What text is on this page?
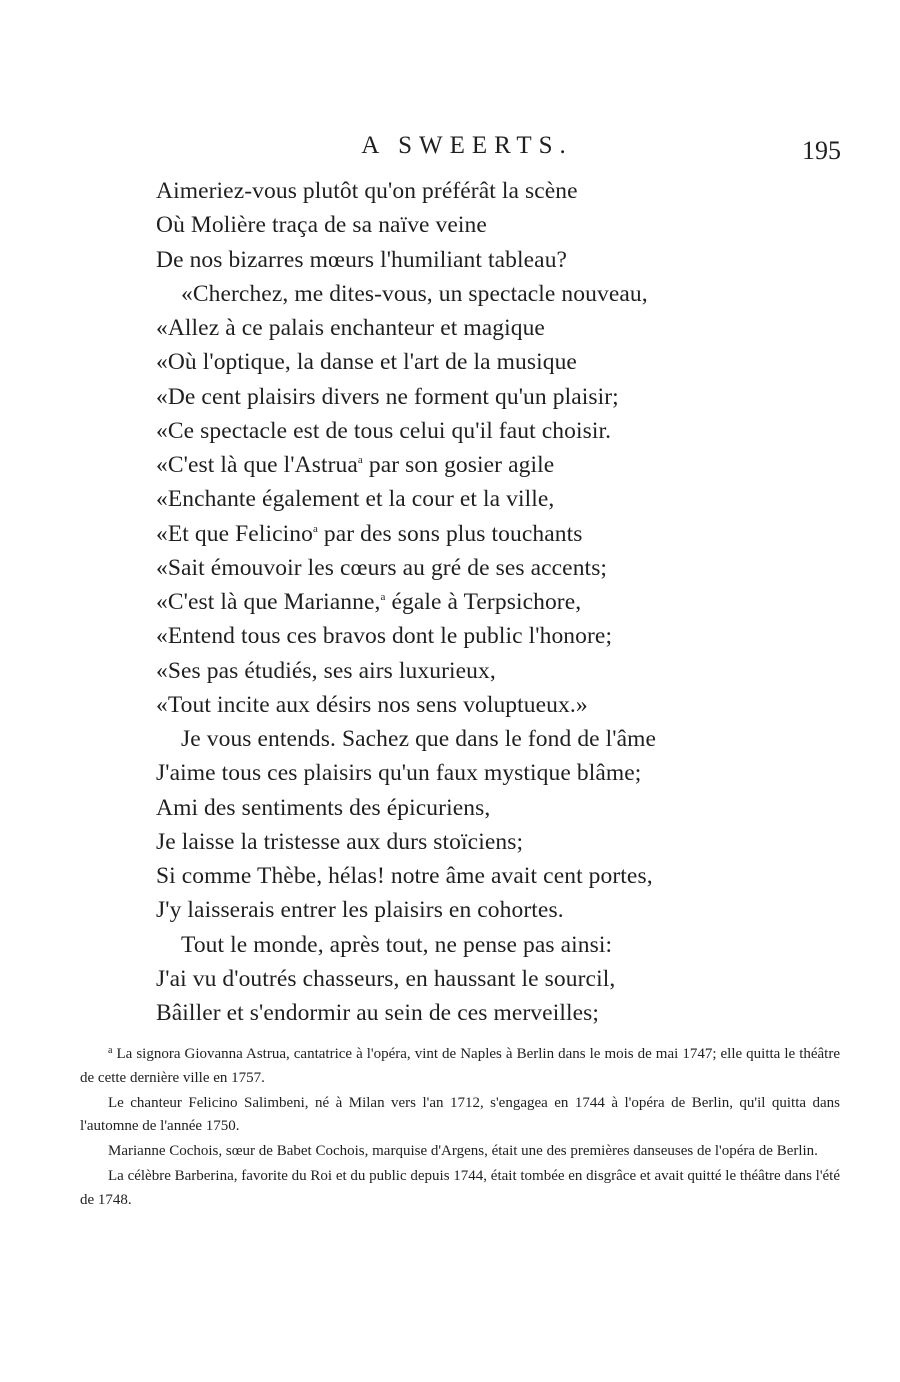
A SWEERTS.	195
Aimeriez-vous plutôt qu'on préférât la scène
Où Molière traça de sa naïve veine
De nos bizarres mœurs l'humiliant tableau?
«Cherchez, me dites-vous, un spectacle nouveau,
«Allez à ce palais enchanteur et magique
«Où l'optique, la danse et l'art de la musique
«De cent plaisirs divers ne forment qu'un plaisir;
«Ce spectacle est de tous celui qu'il faut choisir.
«C'est là que l'Astrua$^a$ par son gosier agile
«Enchante également et la cour et la ville,
«Et que Felicino$^a$ par des sons plus touchants
«Sait émouvoir les cœurs au gré de ses accents;
«C'est là que Marianne,$^a$ égale à Terpsichore,
«Entend tous ces bravos dont le public l'honore;
«Ses pas étudiés, ses airs luxurieux,
«Tout incite aux désirs nos sens voluptueux.»
Je vous entends. Sachez que dans le fond de l'âme
J'aime tous ces plaisirs qu'un faux mystique blâme;
Ami des sentiments des épicuriens,
Je laisse la tristesse aux durs stoïciens;
Si comme Thèbe, hélas! notre âme avait cent portes,
J'y laisserais entrer les plaisirs en cohortes.
Tout le monde, après tout, ne pense pas ainsi:
J'ai vu d'outrés chasseurs, en haussant le sourcil,
Bâiller et s'endormir au sein de ces merveilles;

$^a$ La signora Giovanna Astrua, cantatrice à l'opéra, vint de Naples à Berlin dans le mois de mai 1747; elle quitta le théâtre de cette dernière ville en 1757.

Le chanteur Felicino Salimbeni, né à Milan vers l'an 1712, s'engagea en 1744 à l'opéra de Berlin, qu'il quitta dans l'automne de l'année 1750.

Marianne Cochois, sœur de Babet Cochois, marquise d'Argens, était une des premières danseuses de l'opéra de Berlin.

La célèbre Barberina, favorite du Roi et du public depuis 1744, était tombée en disgrâce et avait quitté le théâtre dans l'été de 1748.
